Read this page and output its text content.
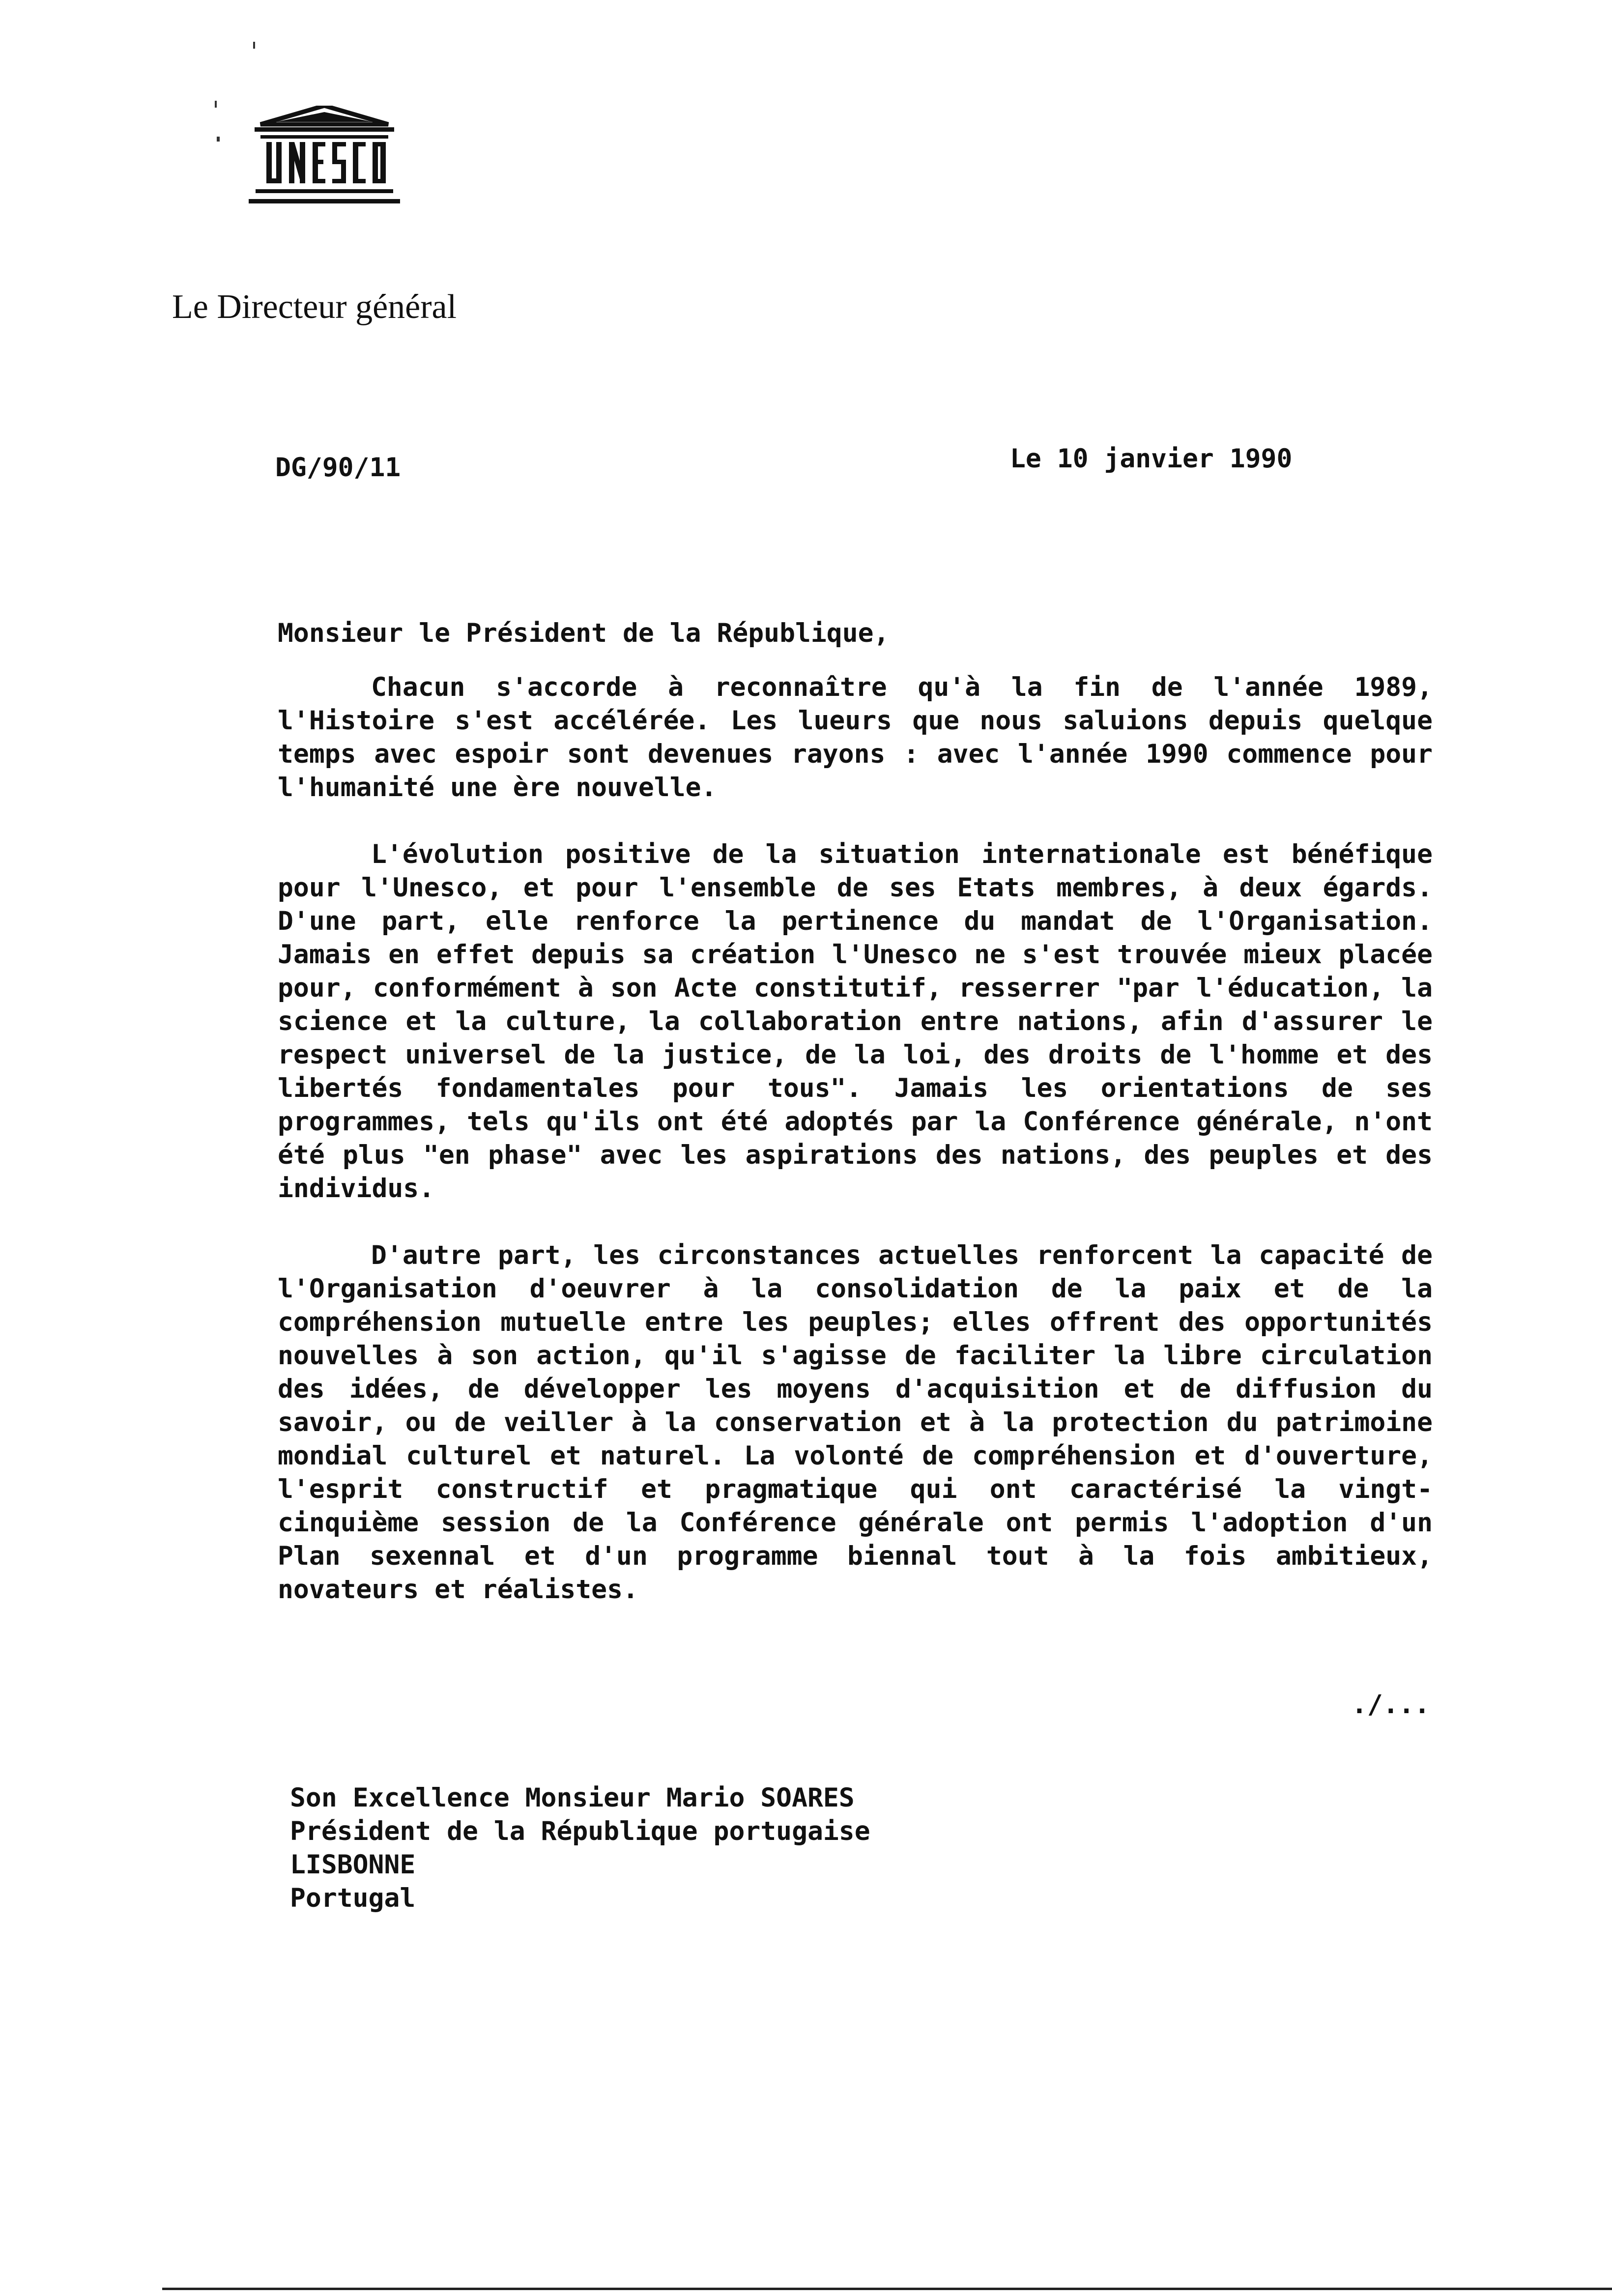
UNESCO
Le Directeur général
DG/90/11	Le 10 janvier 1990
Monsieur le Président de la République,

Chacun s'accorde à reconnaître qu'à la fin de l'année 1989, l'Histoire s'est accélérée. Les lueurs que nous saluions depuis quelque temps avec espoir sont devenues rayons : avec l'année 1990 commence pour l'humanité une ère nouvelle.

L'évolution positive de la situation internationale est bénéfique pour l'Unesco, et pour l'ensemble de ses Etats membres, à deux égards. D'une part, elle renforce la pertinence du mandat de l'Organisation. Jamais en effet depuis sa création l'Unesco ne s'est trouvée mieux placée pour, conformément à son Acte constitutif, resserrer "par l'éducation, la science et la culture, la collaboration entre nations, afin d'assurer le respect universel de la justice, de la loi, des droits de l'homme et des libertés fondamentales pour tous". Jamais les orientations de ses programmes, tels qu'ils ont été adoptés par la Conférence générale, n'ont été plus "en phase" avec les aspirations des nations, des peuples et des individus.

D'autre part, les circonstances actuelles renforcent la capacité de l'Organisation d'oeuvrer à la consolidation de la paix et de la compréhension mutuelle entre les peuples; elles offrent des opportunités nouvelles à son action, qu'il s'agisse de faciliter la libre circulation des idées, de développer les moyens d'acquisition et de diffusion du savoir, ou de veiller à la conservation et à la protection du patrimoine mondial culturel et naturel. La volonté de compréhension et d'ouverture, l'esprit constructif et pragmatique qui ont caractérisé la vingt-cinquième session de la Conférence générale ont permis l'adoption d'un Plan sexennal et d'un programme biennal tout à la fois ambitieux, novateurs et réalistes.

./...
Son Excellence Monsieur Mario SOARES
Président de la République portugaise
LISBONNE
Portugal
